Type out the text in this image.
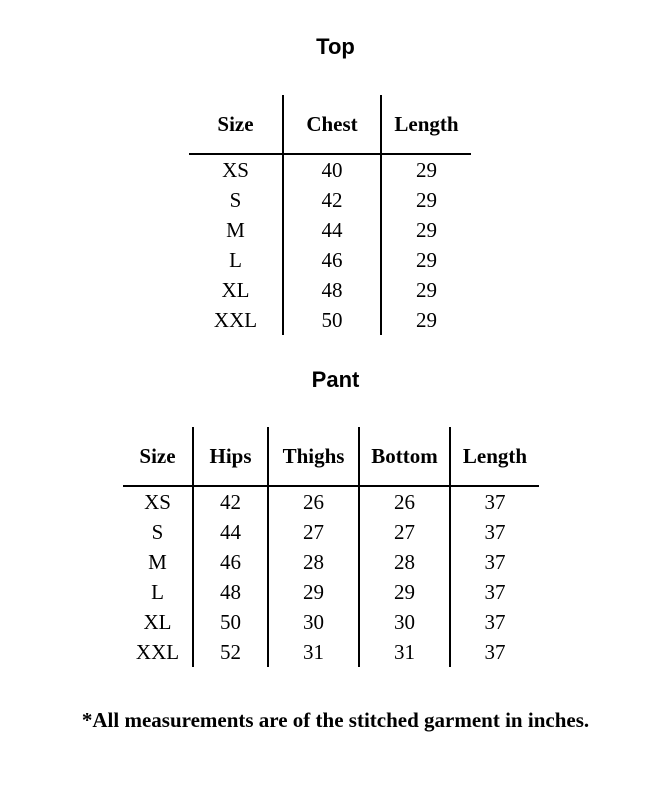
Top
Size	Chest	Length
XS	40	29
S	42	29
M	44	29
L	46	29
XL	48	29
XXL	50	29
Pant
Size	Hips	Thighs	Bottom	Length
XS	42	26	26	37
S	44	27	27	37
M	46	28	28	37
L	48	29	29	37
XL	50	30	30	37
XXL	52	31	31	37
*All measurements are of the stitched garment in inches.
